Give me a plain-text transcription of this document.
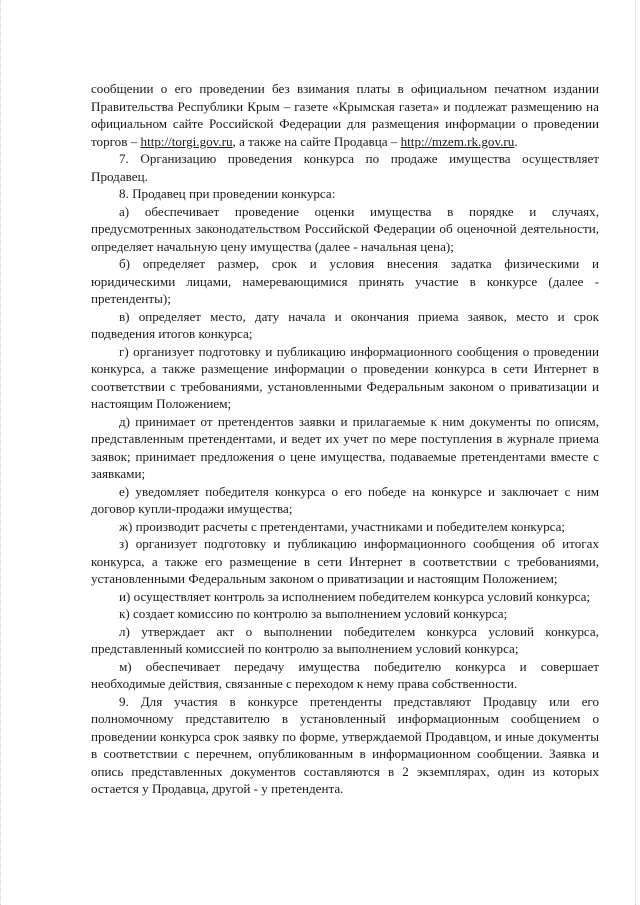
сообщении о его проведении без взимания платы в официальном печатном издании Правительства Республики Крым – газете «Крымская газета» и подлежат размещению на официальном сайте Российской Федерации для размещения информации о проведении торгов – http://torgi.gov.ru, а также на сайте Продавца – http://mzem.rk.gov.ru.

7. Организацию проведения конкурса по продаже имущества осуществляет Продавец.

8. Продавец при проведении конкурса:

а) обеспечивает проведение оценки имущества в порядке и случаях, предусмотренных законодательством Российской Федерации об оценочной деятельности, определяет начальную цену имущества (далее - начальная цена);

б) определяет размер, срок и условия внесения задатка физическими и юридическими лицами, намеревающимися принять участие в конкурсе (далее - претенденты);

в) определяет место, дату начала и окончания приема заявок, место и срок подведения итогов конкурса;

г) организует подготовку и публикацию информационного сообщения о проведении конкурса, а также размещение информации о проведении конкурса в сети Интернет в соответствии с требованиями, установленными Федеральным законом о приватизации и настоящим Положением;

д) принимает от претендентов заявки и прилагаемые к ним документы по описям, представленным претендентами, и ведет их учет по мере поступления в журнале приема заявок; принимает предложения о цене имущества, подаваемые претендентами вместе с заявками;

е) уведомляет победителя конкурса о его победе на конкурсе и заключает с ним договор купли-продажи имущества;

ж) производит расчеты с претендентами, участниками и победителем конкурса;

з) организует подготовку и публикацию информационного сообщения об итогах конкурса, а также его размещение в сети Интернет в соответствии с требованиями, установленными Федеральным законом о приватизации и настоящим Положением;

и) осуществляет контроль за исполнением победителем конкурса условий конкурса;

к) создает комиссию по контролю за выполнением условий конкурса;

л) утверждает акт о выполнении победителем конкурса условий конкурса, представленный комиссией по контролю за выполнением условий конкурса;

м) обеспечивает передачу имущества победителю конкурса и совершает необходимые действия, связанные с переходом к нему права собственности.

9. Для участия в конкурсе претенденты представляют Продавцу или его полномочному представителю в установленный информационным сообщением о проведении конкурса срок заявку по форме, утверждаемой Продавцом, и иные документы в соответствии с перечнем, опубликованным в информационном сообщении. Заявка и опись представленных документов составляются в 2 экземплярах, один из которых остается у Продавца, другой - у претендента.
